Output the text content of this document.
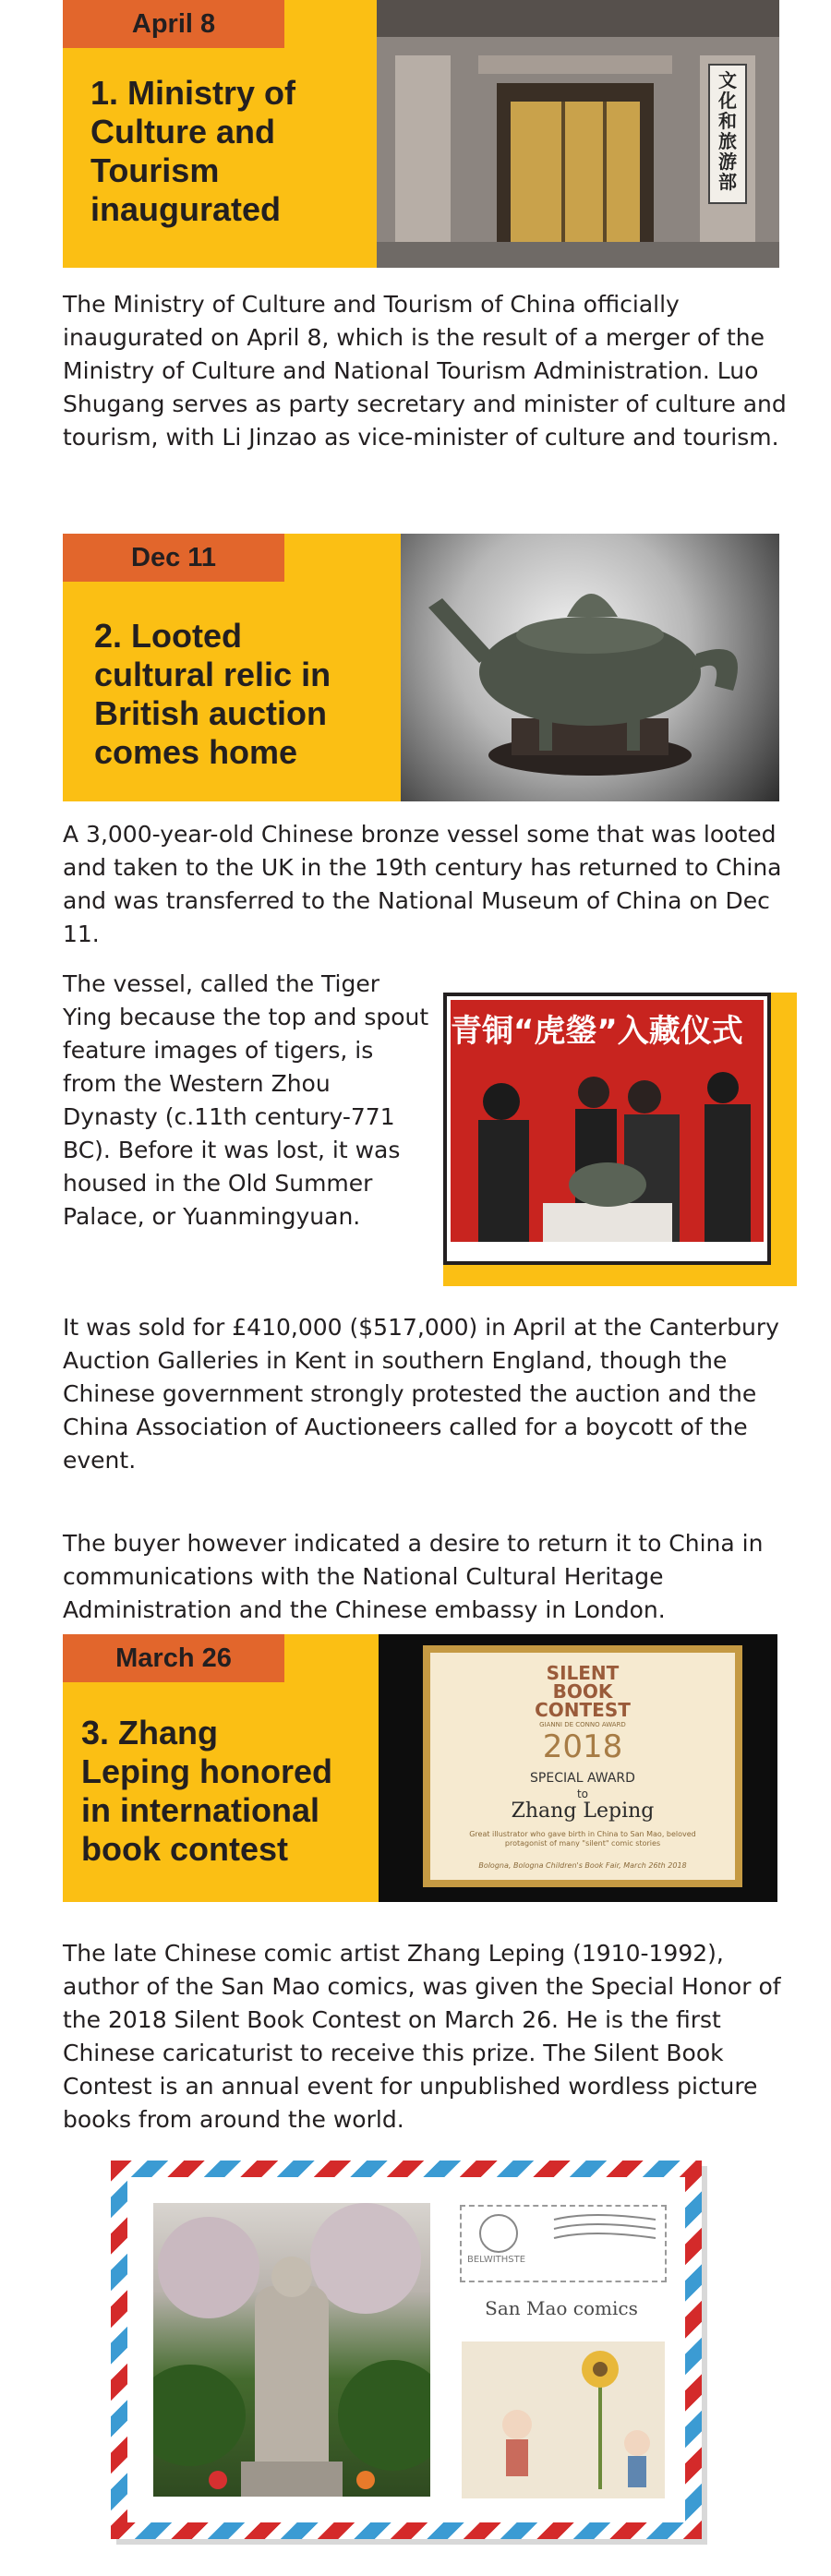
April 8
1. Ministry of
Culture and
Tourism
inaugurated
文化和旅游部

The Ministry of Culture and Tourism of China officially inaugurated on April 8, which is the result of a merger of the Ministry of Culture and National Tourism Administration. Luo Shugang serves as party secretary and minister of culture and tourism, with Li Jinzao as vice-minister of culture and tourism.

Dec 11
2. Looted
cultural relic in
British auction
comes home

A 3,000-year-old Chinese bronze vessel some that was looted and taken to the UK in the 19th century has returned to China and was transferred to the National Museum of China on Dec 11.

The vessel, called the Tiger Ying because the top and spout feature images of tigers, is from the Western Zhou Dynasty (c.11th century-771 BC). Before it was lost, it was housed in the Old Summer Palace, or Yuanmingyuan.

青铜“虎鎣”入藏仪式

It was sold for £410,000 ($517,000) in April at the Canterbury Auction Galleries in Kent in southern England, though the Chinese government strongly protested the auction and the China Association of Auctioneers called for a boycott of the event.

The buyer however indicated a desire to return it to China in communications with the National Cultural Heritage Administration and the Chinese embassy in London.

March 26
3. Zhang
Leping honored
in international
book contest
SILENT
BOOK
CONTEST
GIANNI DE CONNO AWARD
2018
SPECIAL AWARD
to
Zhang Leping
Great illustrator who gave birth in China to San Mao, beloved protagonist of many "silent" comic stories
Bologna, Bologna Children's Book Fair, March 26th 2018

The late Chinese comic artist Zhang Leping (1910-1992), author of the San Mao comics, was given the Special Honor of the 2018 Silent Book Contest on March 26. He is the first Chinese caricaturist to receive this prize. The Silent Book Contest is an annual event for unpublished wordless picture books from around the world.

BELWITHSTE
San Mao comics
